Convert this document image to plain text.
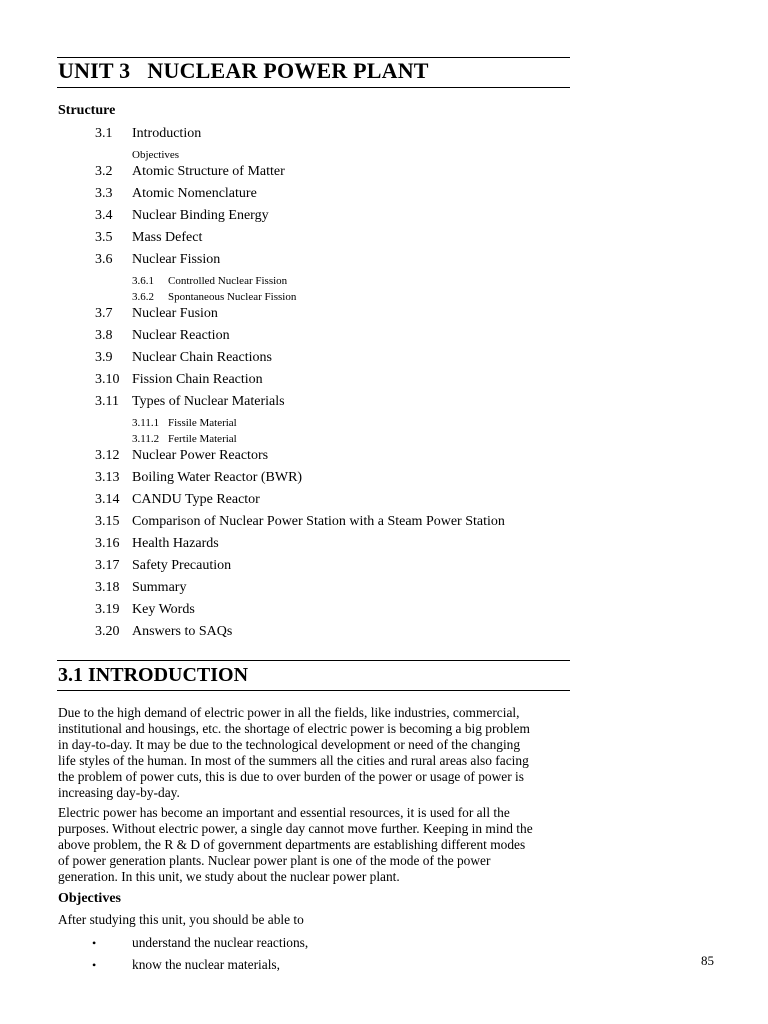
UNIT 3   NUCLEAR POWER PLANT
Structure
3.1	Introduction
Objectives
3.2	Atomic Structure of Matter
3.3	Atomic Nomenclature
3.4	Nuclear Binding Energy
3.5	Mass Defect
3.6	Nuclear Fission
3.6.1	Controlled Nuclear Fission
3.6.2	Spontaneous Nuclear Fission
3.7	Nuclear Fusion
3.8	Nuclear Reaction
3.9	Nuclear Chain Reactions
3.10 Fission Chain Reaction
3.11 Types of Nuclear Materials
3.11.1 Fissile Material
3.11.2 Fertile Material
3.12 Nuclear Power Reactors
3.13 Boiling Water Reactor (BWR)
3.14 CANDU Type Reactor
3.15 Comparison of Nuclear Power Station with a Steam Power Station
3.16 Health Hazards
3.17 Safety Precaution
3.18 Summary
3.19 Key Words
3.20 Answers to SAQs
3.1 INTRODUCTION
Due to the high demand of electric power in all the fields, like industries, commercial,
institutional and housings, etc. the shortage of electric power is becoming a big problem
in day-to-day. It may be due to the technological development or need of the changing
life styles of the human. In most of the summers all the cities and rural areas also facing
the problem of power cuts, this is due to over burden of the power or usage of power is
increasing day-by-day.
Electric power has become an important and essential resources, it is used for all the
purposes. Without electric power, a single day cannot move further. Keeping in mind the
above problem, the R & D of government departments are establishing different modes
of power generation plants. Nuclear power plant is one of the mode of the power
generation. In this unit, we study about the nuclear power plant.
Objectives
After studying this unit, you should be able to
•	understand the nuclear reactions,
•	know the nuclear materials,	85
